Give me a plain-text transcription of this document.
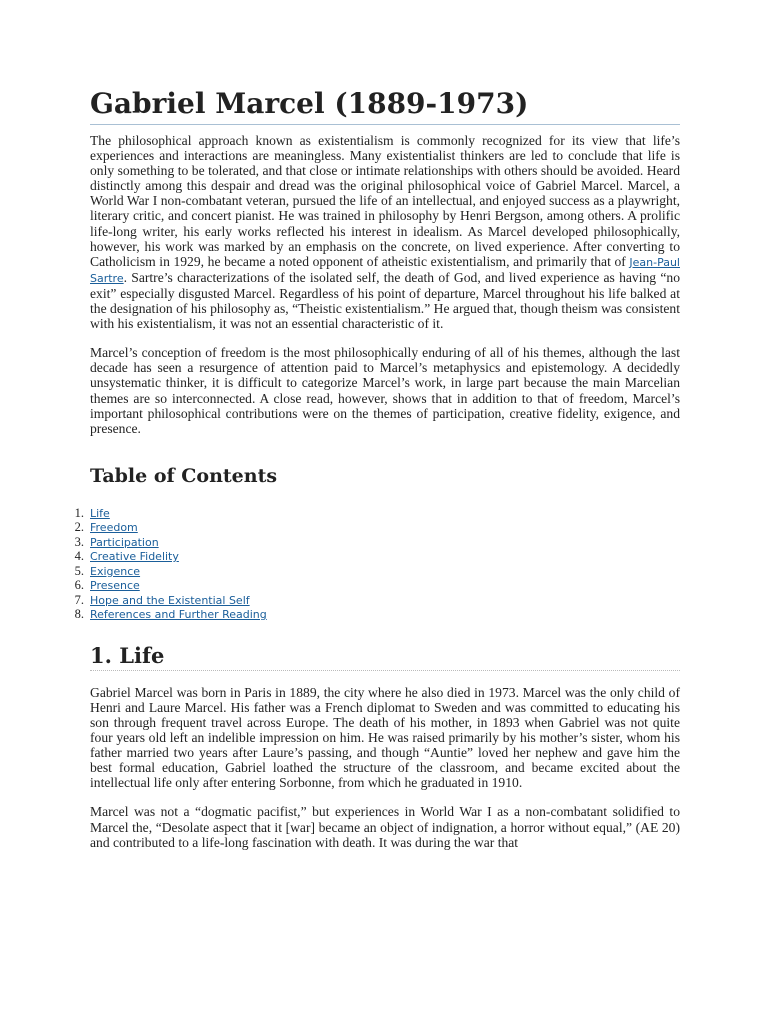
Gabriel Marcel (1889-1973)

The philosophical approach known as existentialism is commonly recognized for its view that life’s experiences and interactions are meaningless. Many existentialist thinkers are led to conclude that life is only something to be tolerated, and that close or intimate relationships with others should be avoided. Heard distinctly among this despair and dread was the original philosophical voice of Gabriel Marcel. Marcel, a World War I non-combatant veteran, pursued the life of an intellectual, and enjoyed success as a playwright, literary critic, and concert pianist. He was trained in philosophy by Henri Bergson, among others. A prolific life-long writer, his early works reflected his interest in idealism. As Marcel developed philosophically, however, his work was marked by an emphasis on the concrete, on lived experience. After converting to Catholicism in 1929, he became a noted opponent of atheistic existentialism, and primarily that of Jean-Paul Sartre. Sartre’s characterizations of the isolated self, the death of God, and lived experience as having “no exit” especially disgusted Marcel. Regardless of his point of departure, Marcel throughout his life balked at the designation of his philosophy as, “Theistic existentialism.” He argued that, though theism was consistent with his existentialism, it was not an essential characteristic of it.

Marcel’s conception of freedom is the most philosophically enduring of all of his themes, although the last decade has seen a resurgence of attention paid to Marcel’s metaphysics and epistemology. A decidedly unsystematic thinker, it is difficult to categorize Marcel’s work, in large part because the main Marcelian themes are so interconnected. A close read, however, shows that in addition to that of freedom, Marcel’s important philosophical contributions were on the themes of participation, creative fidelity, exigence, and presence.

Table of Contents
1. Life
2. Freedom
3. Participation
4. Creative Fidelity
5. Exigence
6. Presence
7. Hope and the Existential Self
8. References and Further Reading
1. Life

Gabriel Marcel was born in Paris in 1889, the city where he also died in 1973. Marcel was the only child of Henri and Laure Marcel. His father was a French diplomat to Sweden and was committed to educating his son through frequent travel across Europe. The death of his mother, in 1893 when Gabriel was not quite four years old left an indelible impression on him. He was raised primarily by his mother’s sister, whom his father married two years after Laure’s passing, and though “Auntie” loved her nephew and gave him the best formal education, Gabriel loathed the structure of the classroom, and became excited about the intellectual life only after entering Sorbonne, from which he graduated in 1910.

Marcel was not a “dogmatic pacifist,” but experiences in World War I as a non-combatant solidified to Marcel the, “Desolate aspect that it [war] became an object of indignation, a horror without equal,” (AE 20) and contributed to a life-long fascination with death. It was during the war that
